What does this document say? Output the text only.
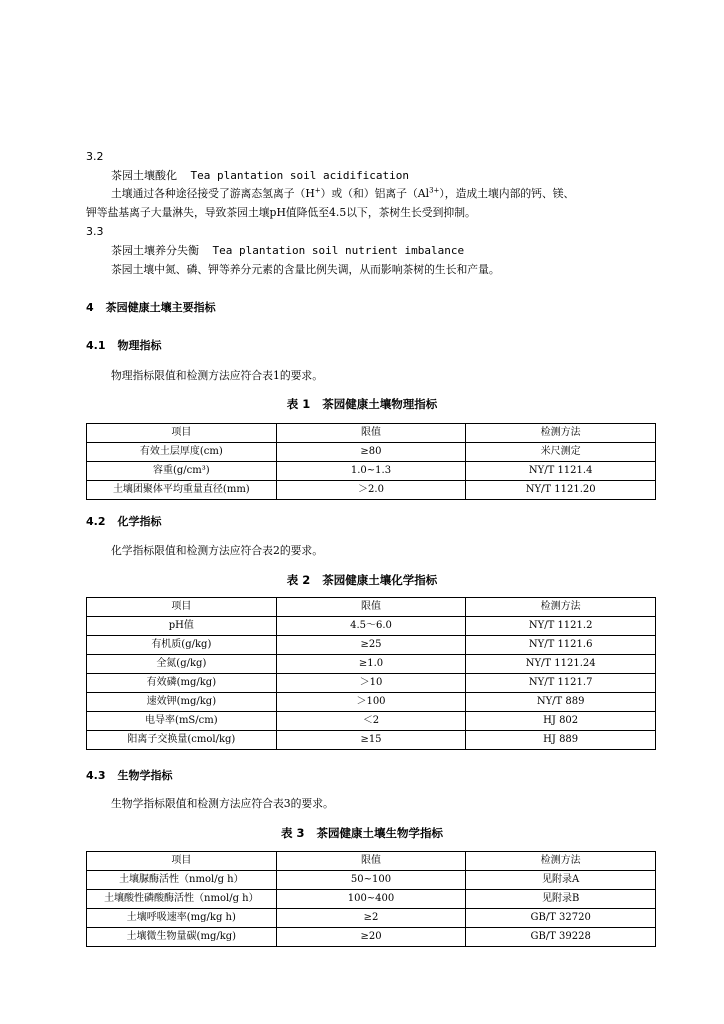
3.2
茶园土壤酸化 Tea plantation soil acidification
土壤通过各种途径接受了游离态氢离子（H+）或（和）铝离子$(Al^{3+})$，造成土壤内部的钙、镁、
钾等盐基离子大量淋失，导致茶园土壤pH值降低至4.5以下，茶树生长受到抑制。
3.3
茶园土壤养分失衡 Tea plantation soil nutrient imbalance
茶园土壤中氮、磷、钾等养分元素的含量比例失调，从而影响茶树的生长和产量。
4 茶园健康土壤主要指标
4.1 物理指标
物理指标限值和检测方法应符合表1的要求。
表 1 茶园健康土壤物理指标
项目	限值	检测方法
有效土层厚度(cm)	≥80	米尺测定
容重(g/cm³)	1.0~1.3	NY/T 1121.4
土壤团聚体平均重量直径(mm)	＞2.0	NY/T 1121.20
4.2 化学指标
化学指标限值和检测方法应符合表2的要求。
表 2 茶园健康土壤化学指标
项目	限值	检测方法
pH值	4.5～6.0	NY/T 1121.2
有机质(g/kg)	≥25	NY/T 1121.6
全氮(g/kg)	≥1.0	NY/T 1121.24
有效磷(mg/kg)	＞10	NY/T 1121.7
速效钾(mg/kg)	＞100	NY/T 889
电导率(mS/cm)	＜2	HJ 802
阳离子交换量(cmol/kg)	≥15	HJ 889
4.3 生物学指标
生物学指标限值和检测方法应符合表3的要求。
表 3 茶园健康土壤生物学指标
项目	限值	检测方法
土壤脲酶活性（nmol/g h）	50~100	见附录A
土壤酸性磷酸酶活性（nmol/g h）	100~400	见附录B
土壤呼吸速率(mg/kg h)	≥2	GB/T 32720
土壤微生物量碳(mg/kg)	≥20	GB/T 39228
